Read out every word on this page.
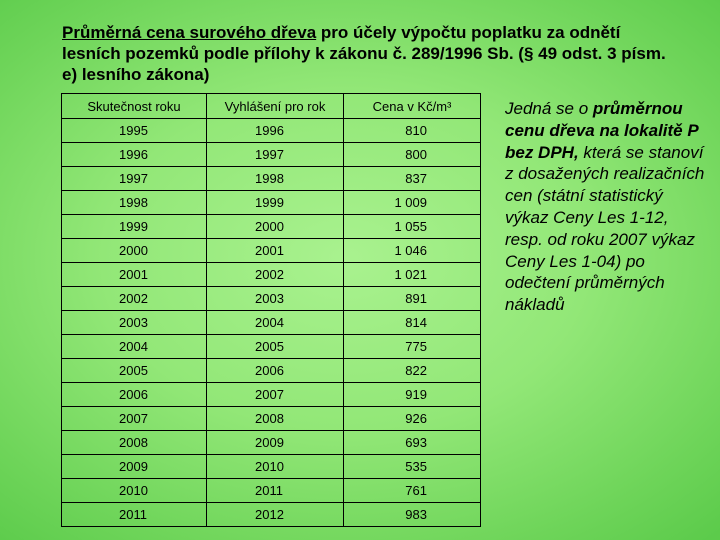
Průměrná cena surového dřeva pro účely výpočtu poplatku za odnětí lesních pozemků podle přílohy k zákonu č. 289/1996 Sb. (§ 49 odst. 3 písm. e) lesního zákona)
Skutečnost roku	Vyhlášení pro rok	Cena v Kč/m³
1995	1996	810
1996	1997	800
1997	1998	837
1998	1999	1 009
1999	2000	1 055
2000	2001	1 046
2001	2002	1 021
2002	2003	891
2003	2004	814
2004	2005	775
2005	2006	822
2006	2007	919
2007	2008	926
2008	2009	693
2009	2010	535
2010	2011	761
2011	2012	983
Jedná se o průměrnou cenu dřeva na lokalitě P bez DPH, která se stanoví z dosažených realizačních cen (státní statistický výkaz Ceny Les 1-12, resp. od roku 2007 výkaz Ceny Les 1-04) po odečtení průměrných nákladů
